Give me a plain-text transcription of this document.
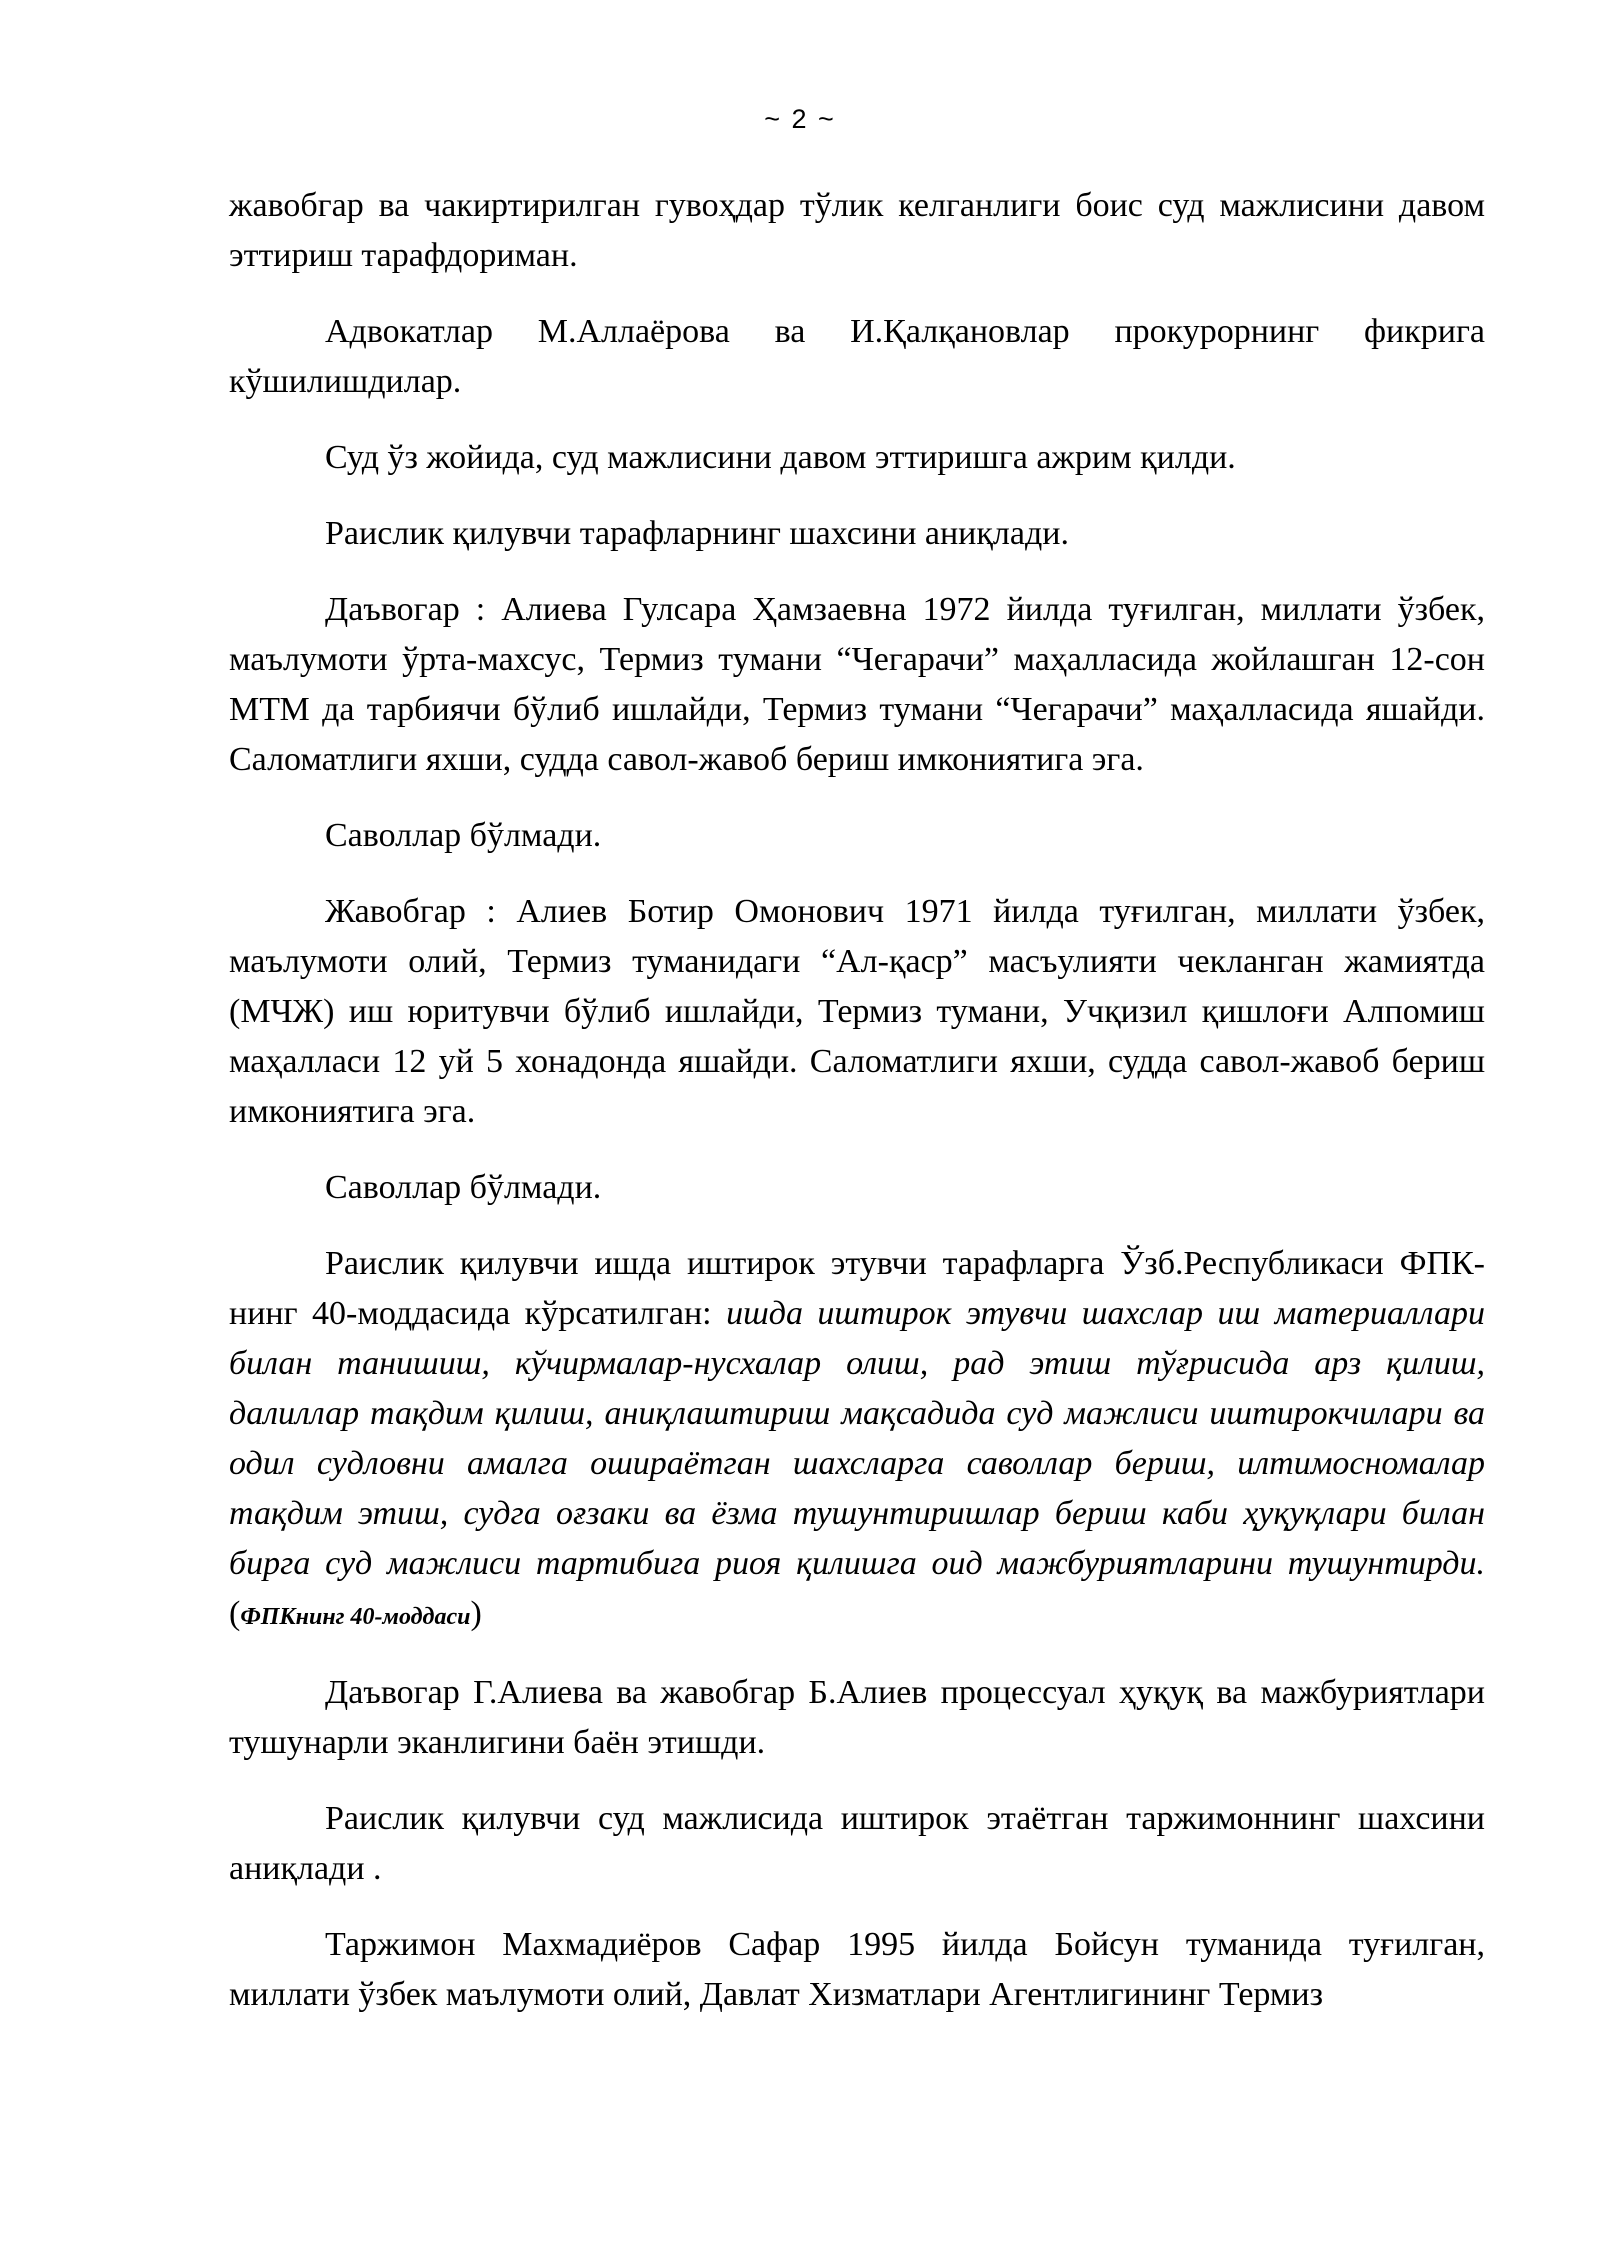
~ 2 ~

жавобгар ва чакиртирилган гувоҳдар тўлик келганлиги боис суд мажлисини давом эттириш тарафдориман.

Адвокатлар М.Аллаёрова ва И.Қалқановлар прокурорнинг фикрига кўшилишдилар.

Суд ўз жойида, суд мажлисини давом эттиришга ажрим қилди.

Раислик қилувчи тарафларнинг шахсини аниқлади.

Даъвогар : Алиева Гулсара Ҳамзаевна 1972 йилда туғилган, миллати ўзбек, маълумоти ўрта-махсус, Термиз тумани “Чегарачи” маҳалласида жойлашган 12-сон МТМ да тарбиячи бўлиб ишлайди, Термиз тумани “Чегарачи” маҳалласида яшайди. Саломатлиги яхши, судда савол-жавоб бериш имкониятига эга.

Саволлар бўлмади.

Жавобгар : Алиев Ботир Омонович 1971 йилда туғилган, миллати ўзбек, маълумоти олий, Термиз туманидаги “Ал-қаср” масъулияти чекланган жамиятда (МЧЖ) иш юритувчи бўлиб ишлайди, Термиз тумани, Учқизил қишлоғи Алпомиш маҳалласи 12 уй 5 хонадонда яшайди. Саломатлиги яхши, судда савол-жавоб бериш имкониятига эга.

Саволлар бўлмади.

Раислик қилувчи ишда иштирок этувчи тарафларга Ўзб.Республикаси ФПК-нинг 40-моддасида кўрсатилган: ишда иштирок этувчи шахслар иш материаллари билан танишиш, кўчирмалар-нусхалар олиш, рад этиш тўғрисида арз қилиш, далиллар тақдим қилиш, аниқлаштириш мақсадида суд мажлиси иштирокчилари ва одил судловни амалга ошираётган шахсларга саволлар бериш, илтимосномалар тақдим этиш, судга оғзаки ва ёзма тушунтиришлар бериш каби ҳуқуқлари билан бирга суд мажлиси тартибига риоя қилишга оид мажбуриятларини тушунтирди. (ФПКнинг 40-моддаси)

Даъвогар Г.Алиева ва жавобгар Б.Алиев процессуал ҳуқуқ ва мажбуриятлари тушунарли эканлигини баён этишди.

Раислик қилувчи суд мажлисида иштирок этаётган таржимоннинг шахсини аниқлади .

Таржимон Махмадиёров Сафар 1995 йилда Бойсун туманида туғилган, миллати ўзбек маълумоти олий, Давлат Хизматлари Агентлигининг Термиз
